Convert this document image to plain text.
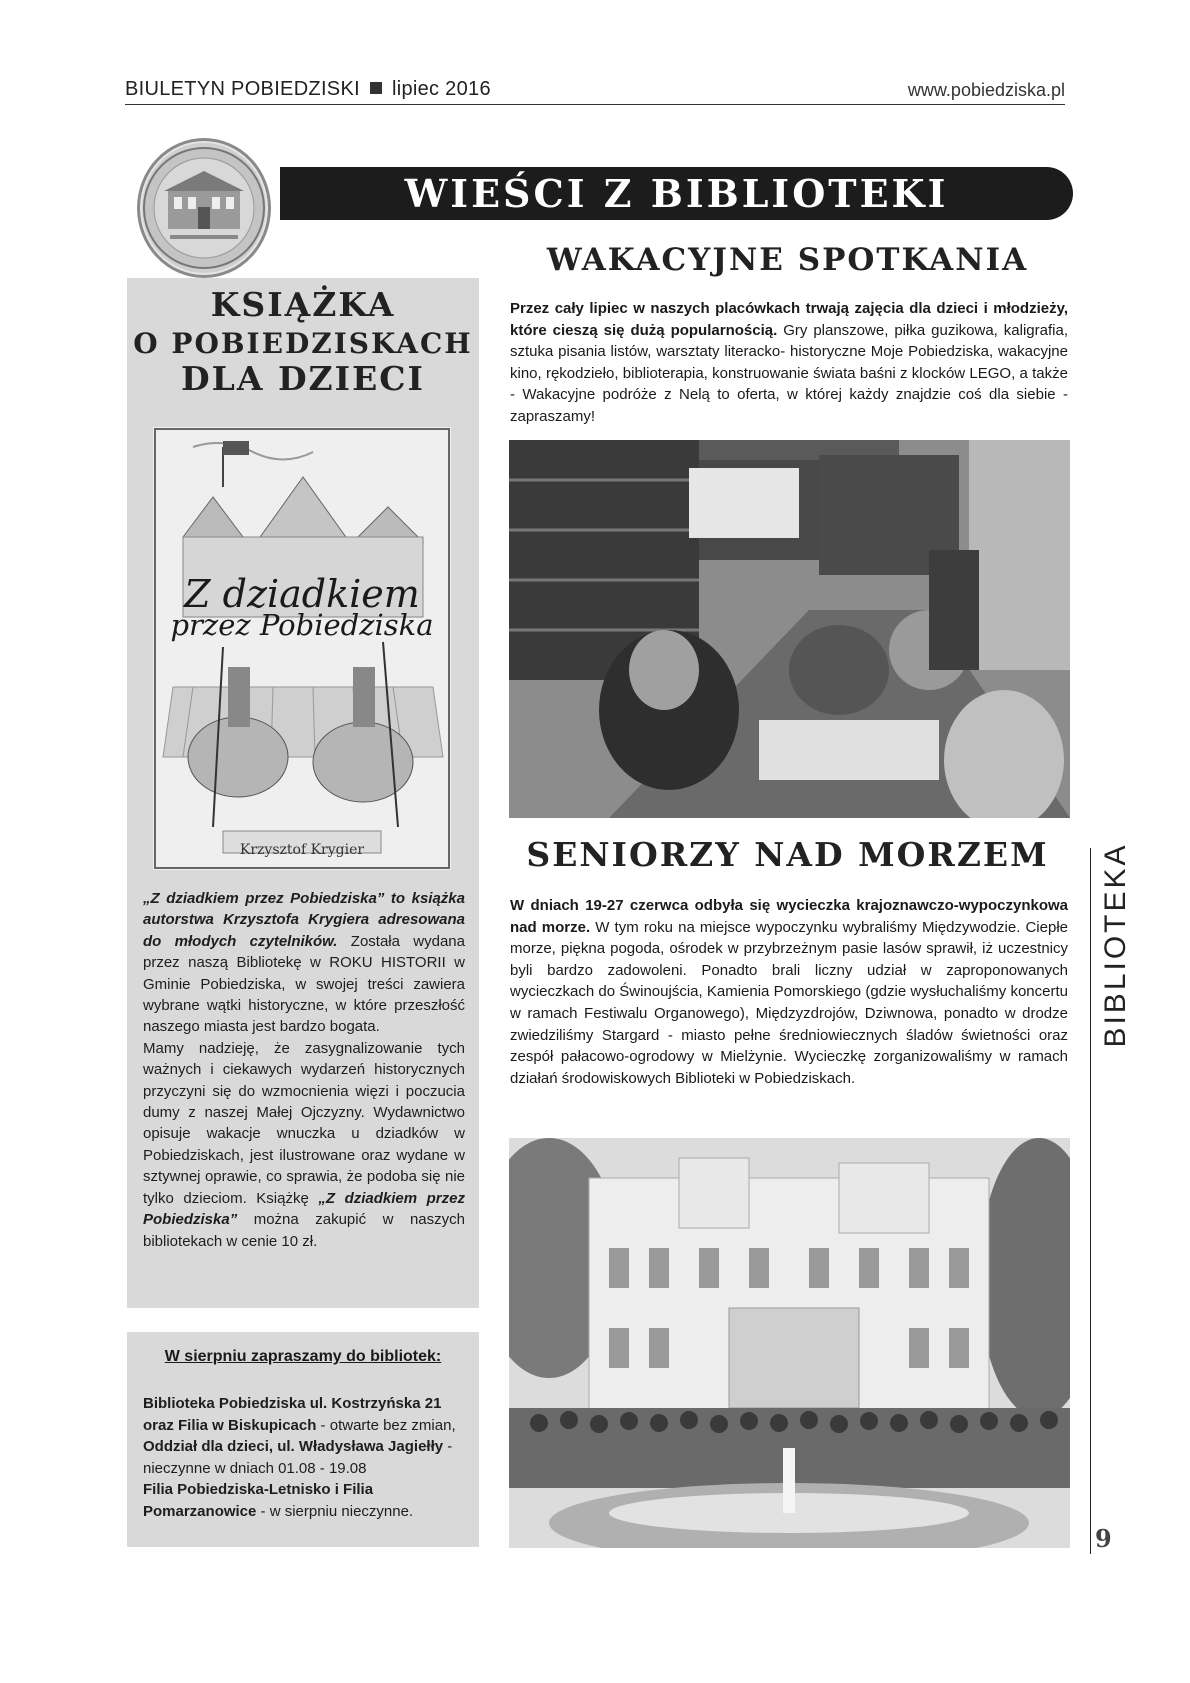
BIULETYN POBIEDZISKI lipiec 2016	www.pobiedziska.pl
WIEŚCI Z BIBLIOTEKI
KSIĄŻKA
O POBIEDZISKACH
DLA DZIECI
Z dziadkiem
przez Pobiedziska
Krzysztof Krygier
„Z dziadkiem przez Pobiedziska” to książka autorstwa Krzysztofa Krygiera adresowana do młodych czytelników. Została wydana przez naszą Bibliotekę w ROKU HISTORII w Gminie Pobiedziska, w swojej treści zawiera wybrane wątki historyczne, w które przeszłość naszego miasta jest bardzo bogata.
Mamy nadzieję, że zasygnalizowanie tych ważnych i ciekawych wydarzeń historycznych przyczyni się do wzmocnienia więzi i poczucia dumy z naszej Małej Ojczyzny. Wydawnictwo opisuje wakacje wnuczka u dziadków w Pobiedziskach, jest ilustrowane oraz wydane w sztywnej oprawie, co sprawia, że podoba się nie tylko dzieciom. Książkę „Z dziadkiem przez Pobiedziska” można zakupić w naszych bibliotekach w cenie 10 zł.
W sierpniu zapraszamy do bibliotek:
Biblioteka Pobiedziska ul. Kostrzyńska 21 oraz Filia w Biskupicach - otwarte bez zmian,
Oddział dla dzieci, ul. Władysława Jagiełły - nieczynne w dniach 01.08 - 19.08
Filia Pobiedziska-Letnisko i Filia Pomarzanowice - w sierpniu nieczynne.
WAKACYJNE SPOTKANIA
Przez cały lipiec w naszych placówkach trwają zajęcia dla dzieci i młodzieży, które cieszą się dużą popularnością. Gry planszowe, piłka guzikowa, kaligrafia, sztuka pisania listów, warsztaty literacko- historyczne Moje Pobiedziska, wakacyjne kino, rękodzieło, biblioterapia, konstruowanie świata baśni z klocków LEGO, a także - Wakacyjne podróże z Nelą to oferta, w której każdy znajdzie coś dla siebie - zapraszamy!
SENIORZY NAD MORZEM
W dniach 19-27 czerwca odbyła się wycieczka krajoznawczo-wypoczynkowa nad morze. W tym roku na miejsce wypoczynku wybraliśmy Międzywodzie. Ciepłe morze, piękna pogoda, ośrodek w przybrzeżnym pasie lasów sprawił, iż uczestnicy byli bardzo zadowoleni. Ponadto brali liczny udział w zaproponowanych wycieczkach do Świnoujścia, Kamienia Pomorskiego (gdzie wysłuchaliśmy koncertu w ramach Festiwalu Organowego), Międzyzdrojów, Dziwnowa, ponadto w drodze zwiedziliśmy Stargard - miasto pełne średniowiecznych śladów świetności oraz zespół pałacowo-ogrodowy w Mielżynie. Wycieczkę zorganizowaliśmy w ramach działań środowiskowych Biblioteki w Pobiedziskach.
BIBLIOTEKA
9
